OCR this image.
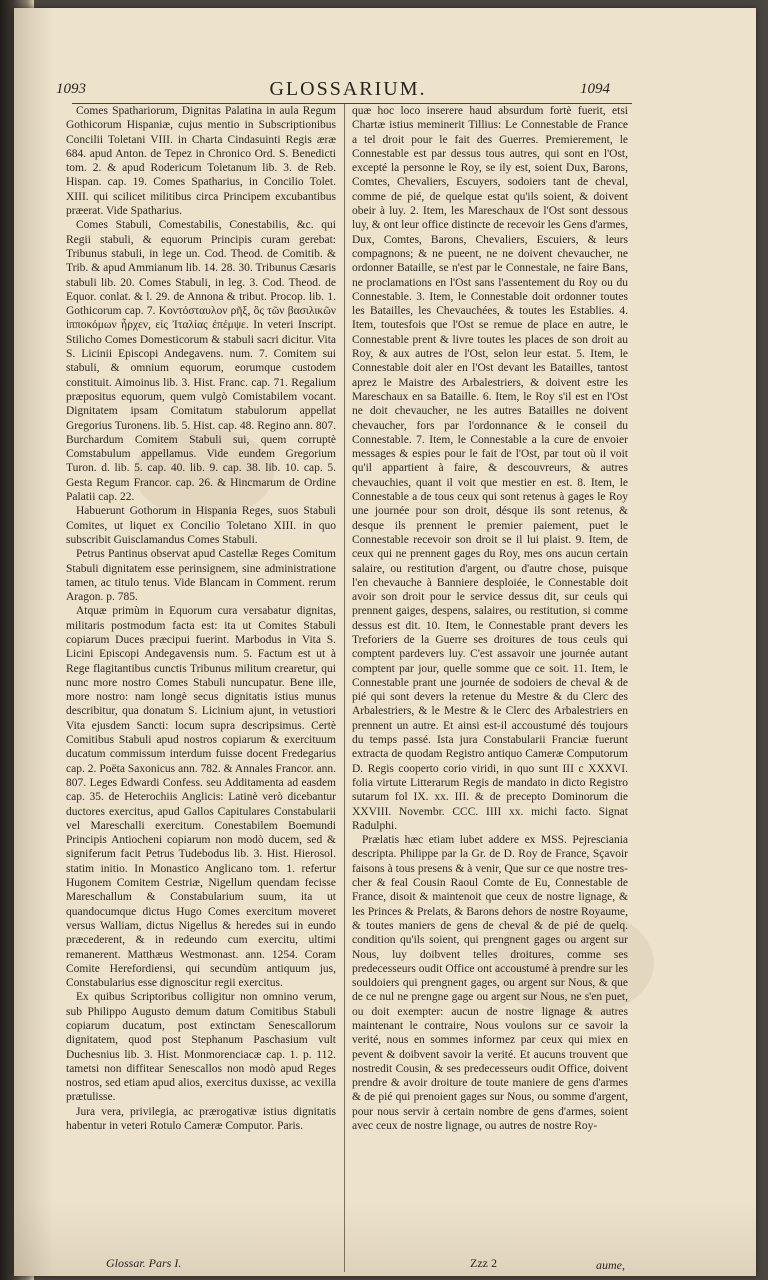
1093	GLOSSARIUM.	1094

Comes Spathariorum, Dignitas Palatina in aula Regum Gothicorum Hispaniæ, cujus mentio in Subscriptionibus Concilii Toletani VIII. in Charta Cindasuinti Regis æræ 684. apud Anton. de Tepez in Chronico Ord. S. Benedicti tom. 2. & apud Rodericum Toletanum lib. 3. de Reb. Hispan. cap. 19. Comes Spatharius, in Concilio Tolet. XIII. qui scilicet militibus circa Principem excubantibus præerat. Vide Spatharius.

Comes Stabuli, Comestabilis, Conestabilis, &c. qui Regii stabuli, & equorum Principis curam gerebat: Tribunus stabuli, in lege un. Cod. Theod. de Comitib. & Trib. & apud Ammianum lib. 14. 28. 30. Tribunus Cæsaris stabuli lib. 20. Comes Stabuli, in leg. 3. Cod. Theod. de Equor. conlat. & l. 29. de Annona & tribut. Procop. lib. 1. Gothicorum cap. 7. Κοντόσταυλον ρῆξ, ὃς τῶν βασιλικῶν ἱπποκόμων ἦρχεν, εἰς Ἰταλίας ἐπέμψε. In veteri Inscript. Stilicho Comes Domesticorum & stabuli sacri dicitur. Vita S. Licinii Episcopi Andegavens. num. 7. Comitem sui stabuli, & omnium equorum, eorumque custodem constituit. Aimoinus lib. 3. Hist. Franc. cap. 71. Regalium præpositus equorum, quem vulgò Comistabilem vocant. Dignitatem ipsam Comitatum stabulorum appellat Gregorius Turonens. lib. 5. Hist. cap. 48. Regino ann. 807. Burchardum Comitem Stabuli sui, quem corruptè Comstabulum appellamus. Vide eundem Gregorium Turon. d. lib. 5. cap. 40. lib. 9. cap. 38. lib. 10. cap. 5. Gesta Regum Francor. cap. 26. & Hincmarum de Ordine Palatii cap. 22.

Habuerunt Gothorum in Hispania Reges, suos Stabuli Comites, ut liquet ex Concilio Toletano XIII. in quo subscribit Guisclamandus Comes Stabuli.

Petrus Pantinus observat apud Castellæ Reges Comitum Stabuli dignitatem esse perinsignem, sine administratione tamen, ac titulo tenus. Vide Blancam in Comment. rerum Aragon. p. 785.

Atquæ primùm in Equorum cura versabatur dignitas, militaris postmodum facta est: ita ut Comites Stabuli copiarum Duces præcipui fuerint. Marbodus in Vita S. Licini Episcopi Andegavensis num. 5. Factum est ut à Rege flagitantibus cunctis Tribunus militum crearetur, qui nunc more nostro Comes Stabuli nuncupatur. Bene ille, more nostro: nam longè secus dignitatis istius munus describitur, qua donatum S. Licinium ajunt, in vetustiori Vita ejusdem Sancti: locum supra descripsimus. Certè Comitibus Stabuli apud nostros copiarum & exercituum ducatum commissum interdum fuisse docent Fredegarius cap. 2. Poëta Saxonicus ann. 782. & Annales Francor. ann. 807. Leges Edwardi Confess. seu Additamenta ad easdem cap. 35. de Heterochiis Anglicis: Latinè verò dicebantur ductores exercitus, apud Gallos Capitulares Constabularii vel Mareschalli exercitum. Conestabilem Boemundi Principis Antiocheni copiarum non modò ducem, sed & signiferum facit Petrus Tudebodus lib. 3. Hist. Hierosol. statim initio. In Monastico Anglicano tom. 1. refertur Hugonem Comitem Cestriæ, Nigellum quendam fecisse Mareschallum & Constabularium suum, ita ut quandocumque dictus Hugo Comes exercitum moveret versus Walliam, dictus Nigellus & heredes sui in eundo præcederent, & in redeundo cum exercitu, ultimi remanerent. Matthæus Westmonast. ann. 1254. Coram Comite Herefordiensi, qui secundùm antiquum jus, Constabularius esse dignoscitur regii exercitus.

Ex quibus Scriptoribus colligitur non omnino verum, sub Philippo Augusto demum datum Comitibus Stabuli copiarum ducatum, post extinctam Senescallorum dignitatem, quod post Stephanum Paschasium vult Duchesnius lib. 3. Hist. Monmorenciacæ cap. 1. p. 112. tametsi non diffitear Senescallos non modò apud Reges nostros, sed etiam apud alios, exercitus duxisse, ac vexilla prætulisse.

Jura vera, privilegia, ac prærogativæ istius dignitatis habentur in veteri Rotulo Cameræ Computor. Paris.

quæ hoc loco inserere haud absurdum fortè fuerit, etsi Chartæ istius meminerit Tillius: Le Connestable de France a tel droit pour le fait des Guerres. Premierement, le Connestable est par dessus tous autres, qui sont en l'Ost, excepté la personne le Roy, se ily est, soient Dux, Barons, Comtes, Chevaliers, Escuyers, sodoiers tant de cheval, comme de pié, de quelque estat qu'ils soient, & doivent obeir à luy. 2. Item, les Mareschaux de l'Ost sont dessous luy, & ont leur office distincte de recevoir les Gens d'armes, Dux, Comtes, Barons, Chevaliers, Escuiers, & leurs compagnons; & ne pueent, ne ne doivent chevaucher, ne ordonner Bataille, se n'est par le Connestale, ne faire Bans, ne proclamations en l'Ost sans l'assentement du Roy ou du Connestable. 3. Item, le Connestable doit ordonner toutes les Batailles, les Chevauchées, & toutes les Establies. 4. Item, toutesfois que l'Ost se remue de place en autre, le Connestable prent & livre toutes les places de son droit au Roy, & aux autres de l'Ost, selon leur estat. 5. Item, le Connestable doit aler en l'Ost devant les Batailles, tantost aprez le Maistre des Arbalestriers, & doivent estre les Mareschaux en sa Bataille. 6. Item, le Roy s'il est en l'Ost ne doit chevaucher, ne les autres Batailles ne doivent chevaucher, fors par l'ordonnance & le conseil du Connestable. 7. Item, le Connestable a la cure de envoier messages & espies pour le fait de l'Ost, par tout où il voit qu'il appartient à faire, & descouvreurs, & autres chevauchies, quant il voit que mestier en est. 8. Item, le Connestable a de tous ceux qui sont retenus à gages le Roy une journée pour son droit, désque ils sont retenus, & desque ils prennent le premier paiement, puet le Connestable recevoir son droit se il lui plaist. 9. Item, de ceux qui ne prennent gages du Roy, mes ons aucun certain salaire, ou restitution d'argent, ou d'autre chose, puisque l'en chevauche à Banniere desploiée, le Connestable doit avoir son droit pour le service dessus dit, sur ceuls qui prennent gaiges, despens, salaires, ou restitution, si comme dessus est dit. 10. Item, le Connestable prant devers les Treforiers de la Guerre ses droitures de tous ceuls qui comptent pardevers luy. C'est assavoir une journée autant comptent par jour, quelle somme que ce soit. 11. Item, le Connestable prant une journée de sodoiers de cheval & de pié qui sont devers la retenue du Mestre & du Clerc des Arbalestriers, & le Mestre & le Clerc des Arbalestriers en prennent un autre. Et ainsi est-il accoustumé dés toujours du temps passé. Ista jura Constabularii Franciæ fuerunt extracta de quodam Registro antiquo Cameræ Computorum D. Regis cooperto corio viridi, in quo sunt III c XXXVI. folia virtute Litterarum Regis de mandato in dicto Registro sutarum fol IX. xx. III. & de precepto Dominorum die XXVIII. Novembr. CCC. IIII xx. michi facto. Signat Radulphi.

Prælatis hæc etiam lubet addere ex MSS. Pejresciania descripta. Philippe par la Gr. de D. Roy de France, Sçavoir faisons à tous presens & à venir, Que sur ce que nostre tres-cher & feal Cousin Raoul Comte de Eu, Connestable de France, disoit & maintenoit que ceux de nostre lignage, & les Princes & Prelats, & Barons dehors de nostre Royaume, & toutes maniers de gens de cheval & de pié de quelq. condition qu'ils soient, qui prengnent gages ou argent sur Nous, luy doibvent telles droitures, comme ses predecesseurs oudit Office ont accoustumé à prendre sur les souldoiers qui prengnent gages, ou argent sur Nous, & que de ce nul ne prengne gage ou argent sur Nous, ne s'en puet, ou doit exempter: aucun de nostre lignage & autres maintenant le contraire, Nous voulons sur ce savoir la verité, nous en sommes informez par ceux qui miex en pevent & doibvent savoir la verité. Et aucuns trouvent que nostredit Cousin, & ses predecesseurs oudit Office, doivent prendre & avoir droiture de toute maniere de gens d'armes & de pié qui prenoient gages sur Nous, ou somme d'argent, pour nous servir à certain nombre de gens d'armes, soient avec ceux de nostre lignage, ou autres de nostre Roy-

Glossar. Pars I.	Zzz 2	aume,
